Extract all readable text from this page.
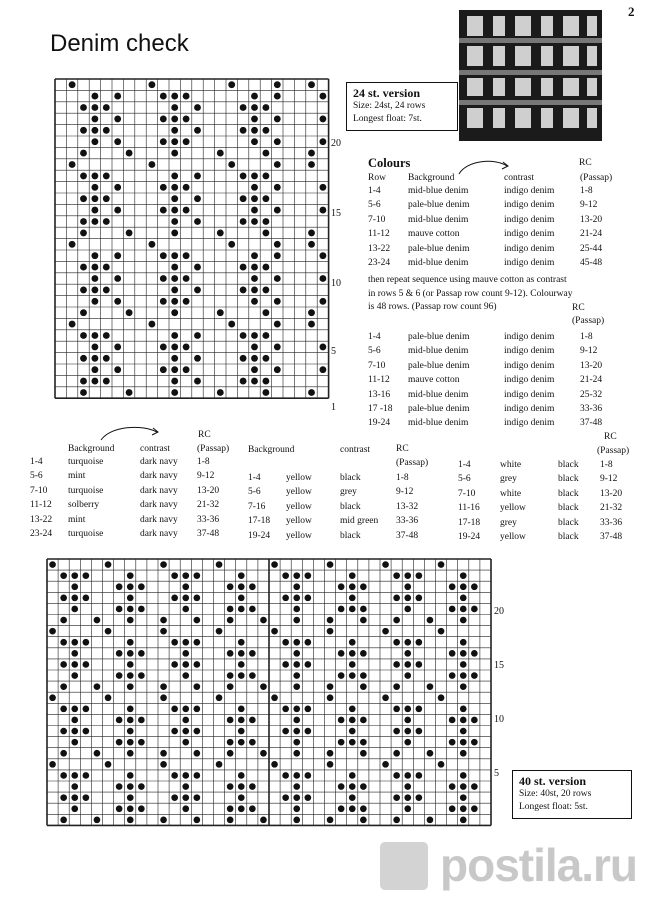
2
Denim check
20
15
10
5
1
24 st. version
Size: 24st, 24 rows
Longest float: 7st.
Colours	RC
Row	Background	contrast	(Passap)
1-4	mid-blue denim	indigo denim	1-8
5-6	pale-blue denim	indigo denim	9-12
7-10	mid-blue denim	indigo denim	13-20
11-12	mauve cotton	indigo denim	21-24
13-22	pale-blue denim	indigo denim	25-44
23-24	mid-blue denim	indigo denim	45-48
then repeat sequence using mauve cotton as contrast
in rows 5 & 6 (or Passap row count 9-12). Colourway
is 48 rows. (Passap row count 96)	RC
(Passap)
1-4	pale-blue denim	indigo denim	1-8
5-6	mid-blue denim	indigo denim	9-12
7-10	pale-blue denim	indigo denim	13-20
11-12	mauve cotton	indigo denim	21-24
13-16	mid-blue denim	indigo denim	25-32
17 -18	pale-blue denim	indigo denim	33-36
19-24	mid-blue denim	indigo denim	37-48
RC
	Background	contrast	(Passap)
1-4	turquoise	dark navy	1-8
5-6	mint	dark navy	9-12
7-10	turquoise	dark navy	13-20
11-12	solberry	dark navy	21-32
13-22	mint	dark navy	33-36
23-24	turquoise	dark navy	37-48
RC
	Background	contrast	
(Passap)
1-4	yellow	black	1-8
5-6	yellow	grey	9-12
7-16	yellow	black	13-32
17-18	yellow	mid green	33-36
19-24	yellow	black	37-48
RC
(Passap)
1-4	white	black	1-8
5-6	grey	black	9-12
7-10	white	black	13-20
11-16	yellow	black	21-32
17-18	grey	black	33-36
19-24	yellow	black	37-48
20
15
10
5
40 st. version
Size: 40st, 20 rows
Longest float: 5st.
postila.ru
